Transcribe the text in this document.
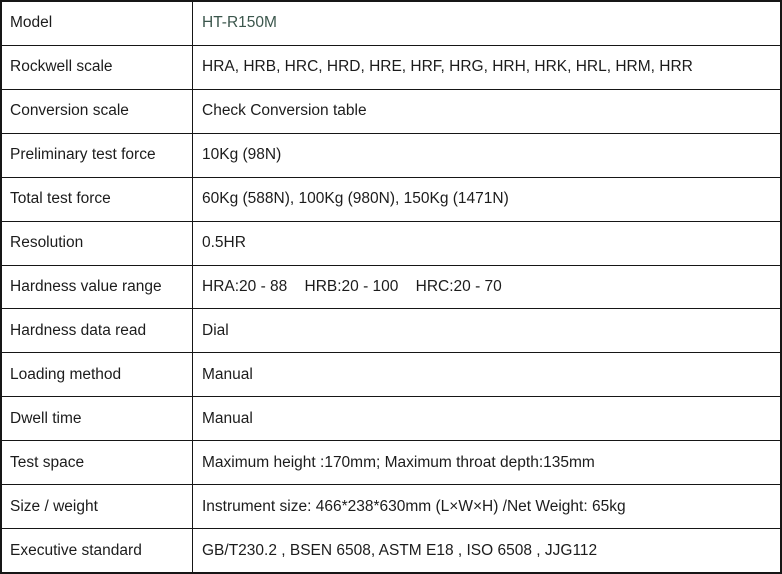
Model	HT-R150M
Rockwell scale	HRA, HRB, HRC, HRD, HRE, HRF, HRG, HRH, HRK, HRL, HRM, HRR
Conversion scale	Check Conversion table
Preliminary test force	10Kg (98N)
Total test force	60Kg (588N), 100Kg (980N), 150Kg (1471N)
Resolution	0.5HR
Hardness value range	HRA:20 - 88    HRB:20 - 100    HRC:20 - 70
Hardness data read	Dial
Loading method	Manual
Dwell time	Manual
Test space	Maximum height :170mm; Maximum throat depth:135mm
Size / weight	Instrument size: 466*238*630mm (L×W×H) /Net Weight: 65kg
Executive standard	GB/T230.2 , BSEN 6508, ASTM E18 , ISO 6508 , JJG112
